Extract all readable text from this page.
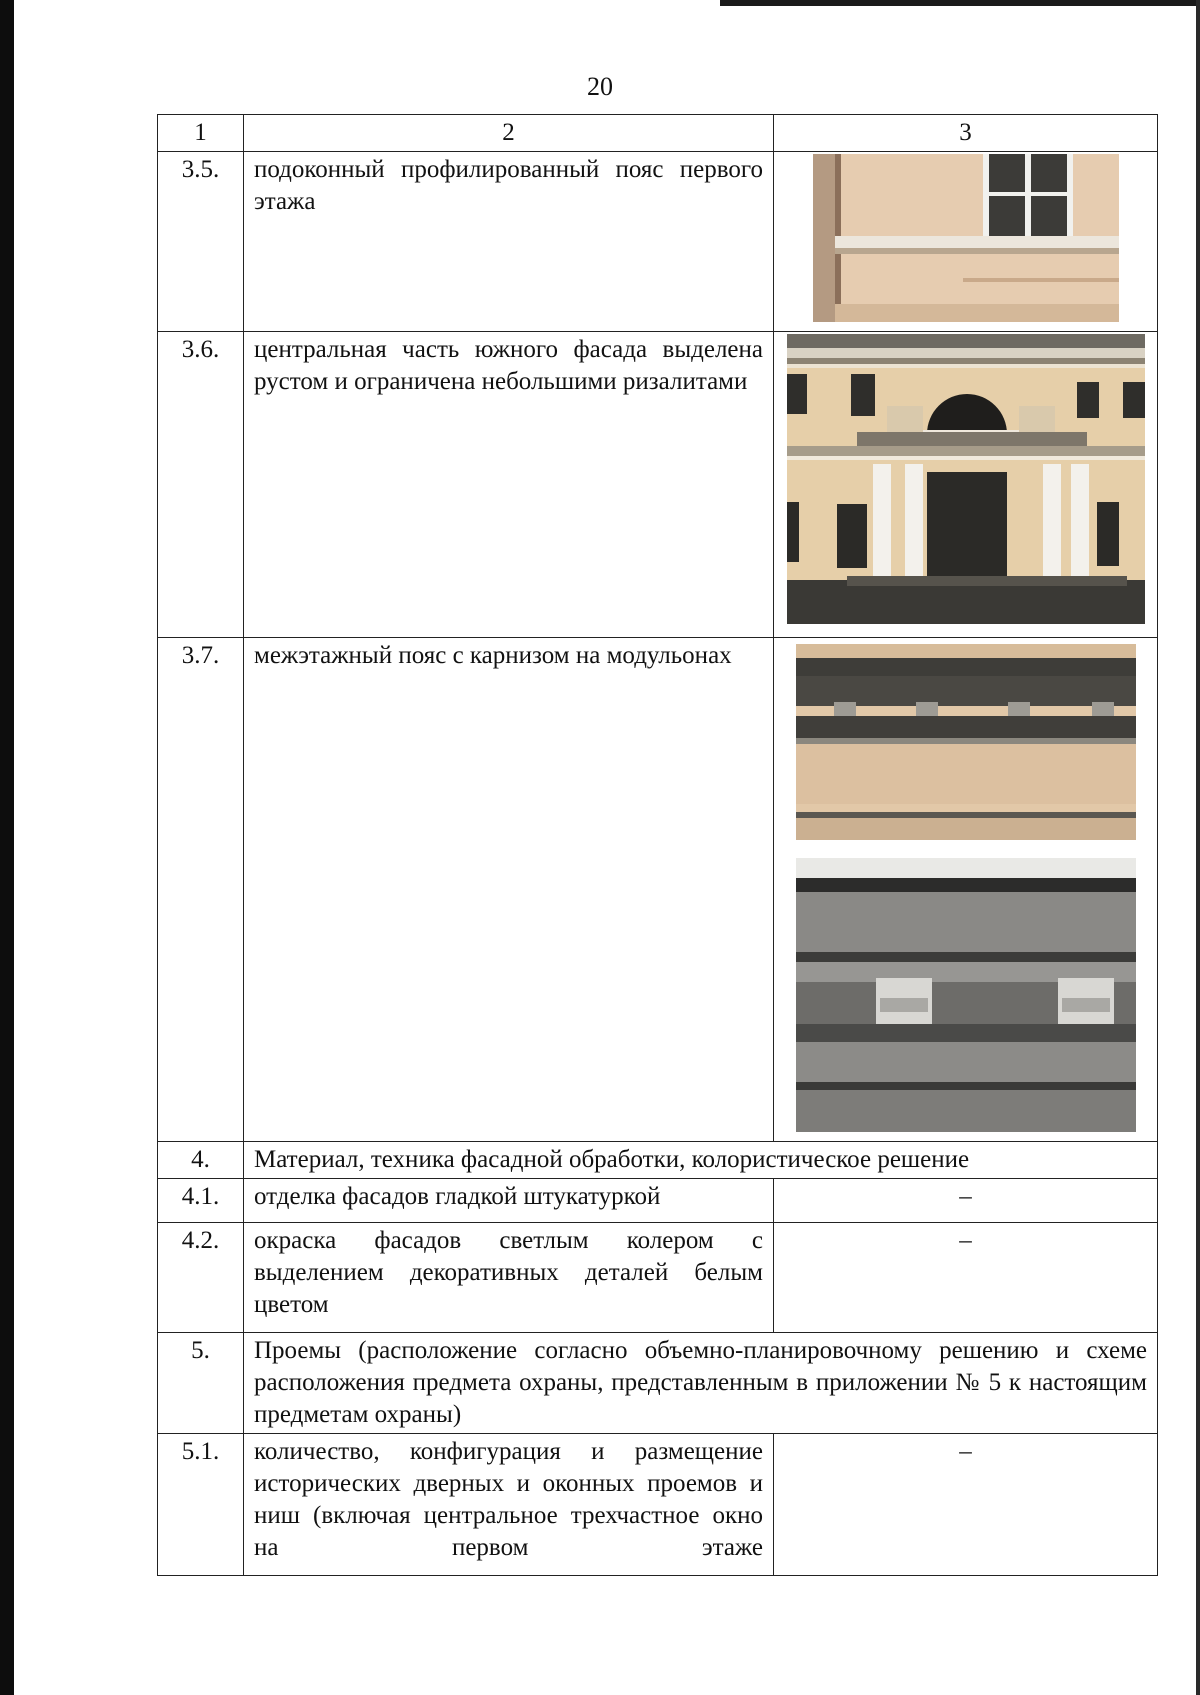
20
1	2	3
3.5.	подоконный профилированный пояс первого этажа	

3.6.	центральная часть южного фасада выделена рустом и ограничена небольшими ризалитами	

3.7.	межэтажный пояс с карнизом на модульонах	

4.	Материал, техника фасадной обработки, колористическое решение	
4.1.	отделка фасадов гладкой штукатуркой	–
4.2.	окраска фасадов светлым колером с выделением декоративных деталей белым цветом	–
5.	Проемы (расположение согласно объемно-планировочному решению и схеме расположения предмета охраны, представленным в приложении № 5 к настоящим предметам охраны)	
5.1.	количество, конфигурация и размещение исторических дверных и оконных проемов и ниш (включая центральное трехчастное окно на первом этаже	–
